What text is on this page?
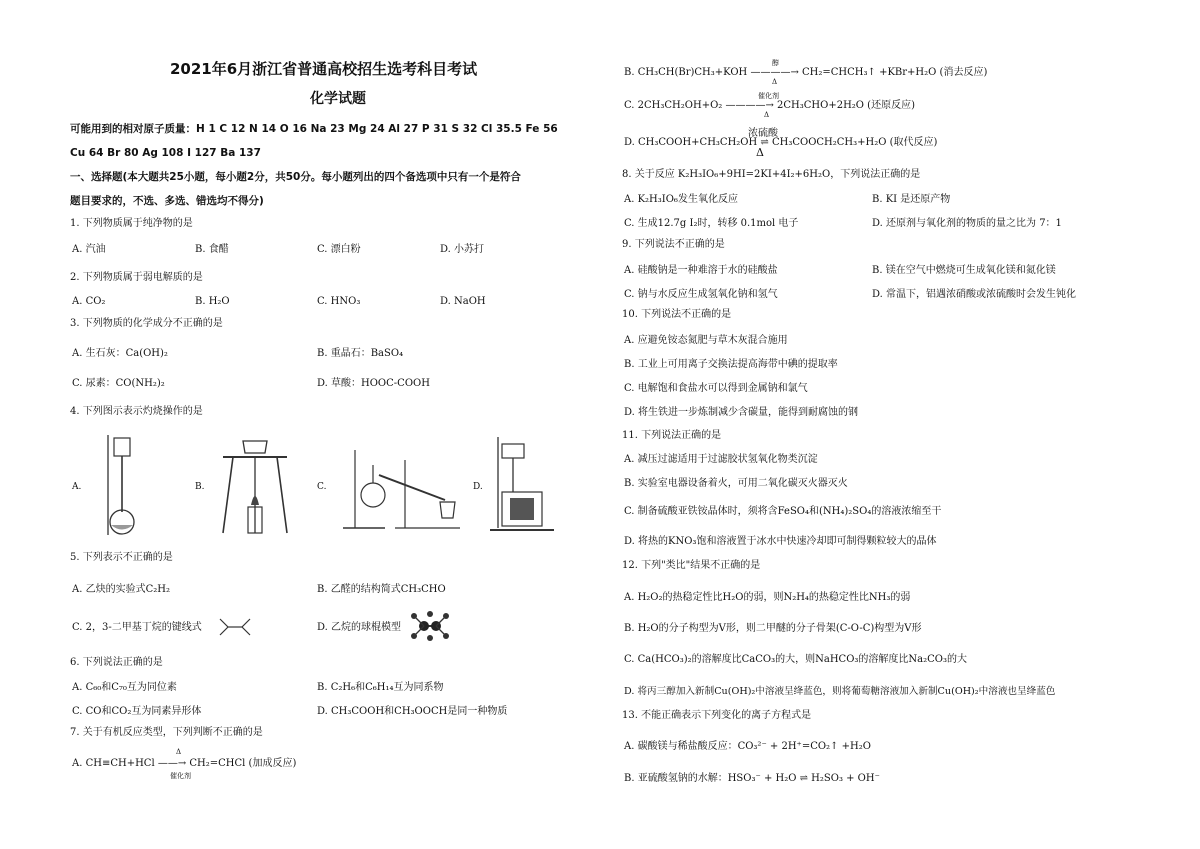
2021年6月浙江省普通高校招生选考科目考试
化学试题
可能用到的相对原子质量：H 1 C 12 N 14 O 16 Na 23 Mg 24 Al 27 P 31 S 32 Cl 35.5 Fe 56
Cu 64 Br 80 Ag 108 I 127 Ba 137
一、选择题(本大题共25小题，每小题2分，共50分。每小题列出的四个备选项中只有一个是符合
题目要求的，不选、多选、错选均不得分)
1. 下列物质属于纯净物的是
A. 汽油	B. 食醋	C. 漂白粉	D. 小苏打
2. 下列物质属于弱电解质的是
A. CO₂	B. H₂O	C. HNO₃	D. NaOH
3. 下列物质的化学成分不正确的是
A. 生石灰：Ca(OH)₂	B. 重晶石：BaSO₄
C. 尿素：CO(NH₂)₂	D. 草酸：HOOC-COOH
4. 下列图示表示灼烧操作的是
A.	B.	C.	D.
5. 下列表示不正确的是
A. 乙炔的实验式C₂H₂	B. 乙醛的结构简式CH₃CHO
C. 2，3-二甲基丁烷的键线式	D. 乙烷的球棍模型
6. 下列说法正确的是
A. C₆₀和C₇₀互为同位素	B. C₂H₆和C₆H₁₄互为同系物
C. CO和CO₂互为同素异形体	D. CH₃COOH和CH₃OOCH是同一种物质
7. 关于有机反应类型，下列判断不正确的是
Δ
A. CH≡CH+HCl ——→ CH₂=CHCl (加成反应)
催化剂
醇
B. CH₃CH(Br)CH₃+KOH ————→ CH₂=CHCH₃↑ +KBr+H₂O (消去反应)
Δ
催化剂
C. 2CH₃CH₂OH+O₂ ————→ 2CH₃CHO+2H₂O (还原反应)
Δ
浓硫酸
D. CH₃COOH+CH₃CH₂OH ⇌ CH₃COOCH₂CH₃+H₂O (取代反应)
Δ
8. 关于反应 K₂H₃IO₆+9HI=2KI+4I₂+6H₂O，下列说法正确的是
A. K₂H₃IO₆发生氧化反应	B. KI 是还原产物
C. 生成12.7g I₂时，转移 0.1mol 电子	D. 还原剂与氧化剂的物质的量之比为 7：1
9. 下列说法不正确的是
A. 硅酸钠是一种难溶于水的硅酸盐	B. 镁在空气中燃烧可生成氧化镁和氮化镁
C. 钠与水反应生成氢氧化钠和氢气	D. 常温下，铝遇浓硝酸或浓硫酸时会发生钝化
10. 下列说法不正确的是
A. 应避免铵态氮肥与草木灰混合施用
B. 工业上可用离子交换法提高海带中碘的提取率
C. 电解饱和食盐水可以得到金属钠和氯气
D. 将生铁进一步炼制减少含碳量，能得到耐腐蚀的钢
11. 下列说法正确的是
A. 减压过滤适用于过滤胶状氢氧化物类沉淀
B. 实验室电器设备着火，可用二氧化碳灭火器灭火
C. 制备硫酸亚铁铵晶体时，须将含FeSO₄和(NH₄)₂SO₄的溶液浓缩至干
D. 将热的KNO₃饱和溶液置于冰水中快速冷却即可制得颗粒较大的晶体
12. 下列"类比"结果不正确的是
A. H₂O₂的热稳定性比H₂O的弱，则N₂H₄的热稳定性比NH₃的弱
B. H₂O的分子构型为V形，则二甲醚的分子骨架(C-O-C)构型为V形
C. Ca(HCO₃)₂的溶解度比CaCO₃的大，则NaHCO₃的溶解度比Na₂CO₃的大
D. 将丙三醇加入新制Cu(OH)₂中溶液呈绛蓝色，则将葡萄糖溶液加入新制Cu(OH)₂中溶液也呈绛蓝色
13. 不能正确表示下列变化的离子方程式是
A. 碳酸镁与稀盐酸反应：CO₃²⁻ + 2H⁺=CO₂↑ +H₂O
B. 亚硫酸氢钠的水解：HSO₃⁻ + H₂O ⇌ H₂SO₃ + OH⁻
